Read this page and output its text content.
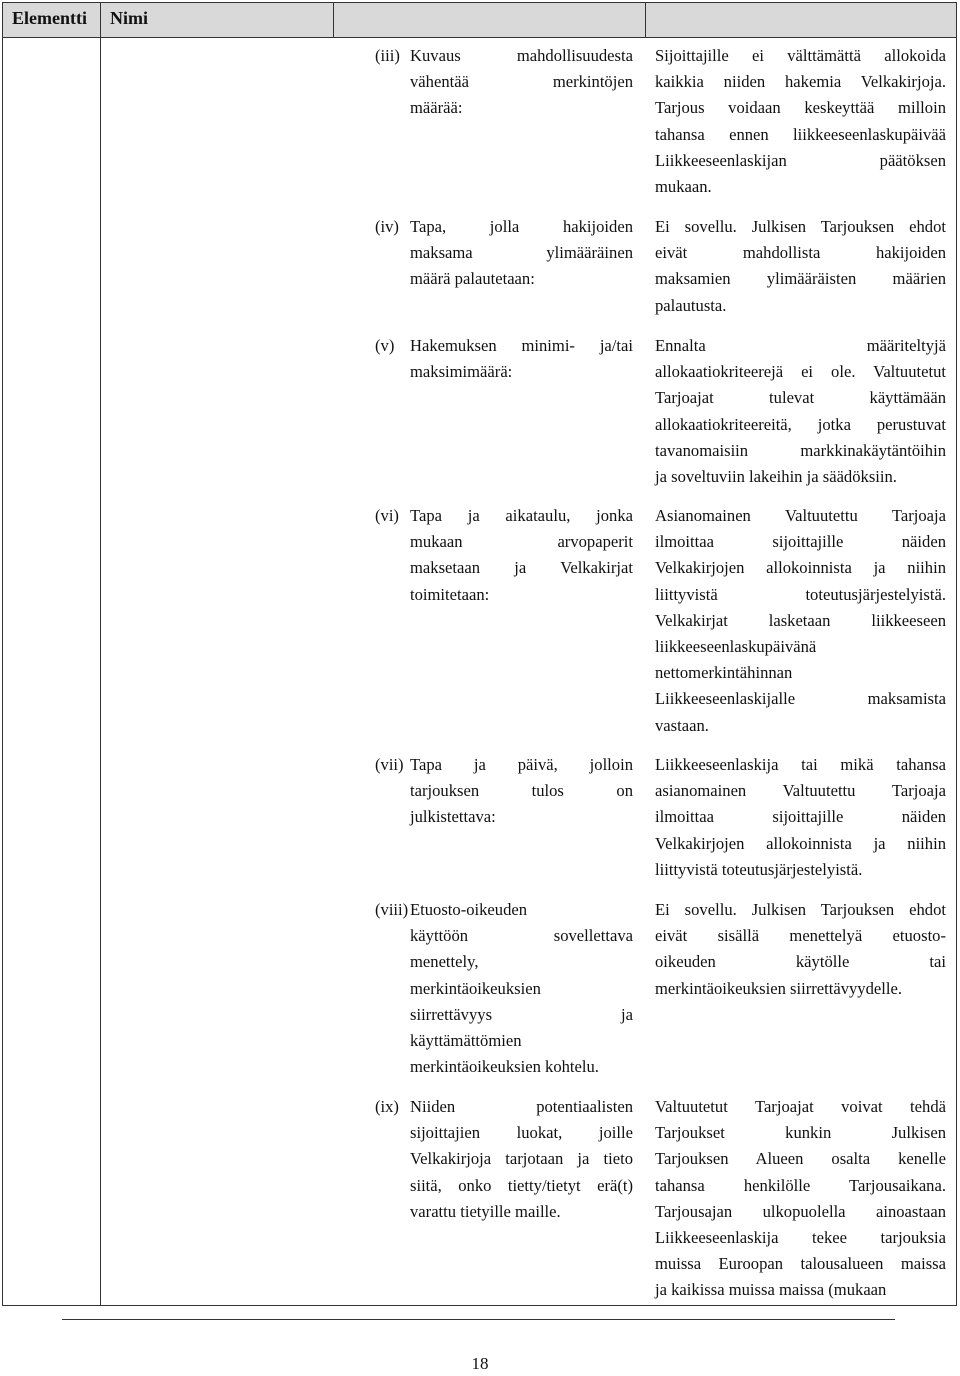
Elementti Nimi
(iii) Kuvaus mahdollisuudesta
vähentää merkintöjen
määrää:
Sijoittajille ei välttämättä allokoida
kaikkia niiden hakemia Velkakirjoja.
Tarjous voidaan keskeyttää milloin
tahansa ennen liikkeeseenlaskupäivää
Liikkeeseenlaskijan päätöksen
mukaan.
(iv) Tapa, jolla hakijoiden
maksama ylimääräinen
määrä palautetaan:
Ei sovellu. Julkisen Tarjouksen ehdot
eivät mahdollista hakijoiden
maksamien ylimääräisten määrien
palautusta.
(v) Hakemuksen minimi- ja/tai
maksimimäärä:
Ennalta määriteltyjä
allokaatiokriteerejä ei ole. Valtuutetut
Tarjoajat tulevat käyttämään
allokaatiokriteereitä, jotka perustuvat
tavanomaisiin markkinakäytäntöihin
ja soveltuviin lakeihin ja säädöksiin.
(vi) Tapa ja aikataulu, jonka
mukaan arvopaperit
maksetaan ja Velkakirjat
toimitetaan:
Asianomainen Valtuutettu Tarjoaja
ilmoittaa sijoittajille näiden
Velkakirjojen allokoinnista ja niihin
liittyvistä toteutusjärjestelyistä.
Velkakirjat lasketaan liikkeeseen
liikkeeseenlaskupäivänä
nettomerkintähinnan
Liikkeeseenlaskijalle maksamista
vastaan.
(vii) Tapa ja päivä, jolloin
tarjouksen tulos on
julkistettava:
Liikkeeseenlaskija tai mikä tahansa
asianomainen Valtuutettu Tarjoaja
ilmoittaa sijoittajille näiden
Velkakirjojen allokoinnista ja niihin
liittyvistä toteutusjärjestelyistä.
(viii) Etuosto-oikeuden
käyttöön sovellettava
menettely,
merkintäoikeuksien
siirrettävyys ja
käyttämättömien
merkintäoikeuksien kohtelu.
Ei sovellu. Julkisen Tarjouksen ehdot
eivät sisällä menettelyä etuosto-
oikeuden käytölle tai
merkintäoikeuksien siirrettävyydelle.
(ix) Niiden potentiaalisten
sijoittajien luokat, joille
Velkakirjoja tarjotaan ja tieto
siitä, onko tietty/tietyt erä(t)
varattu tietyille maille.
Valtuutetut Tarjoajat voivat tehdä
Tarjoukset kunkin Julkisen
Tarjouksen Alueen osalta kenelle
tahansa henkilölle Tarjousaikana.
Tarjousajan ulkopuolella ainoastaan
Liikkeeseenlaskija tekee tarjouksia
muissa Euroopan talousalueen maissa
ja kaikissa muissa maissa (mukaan
18
